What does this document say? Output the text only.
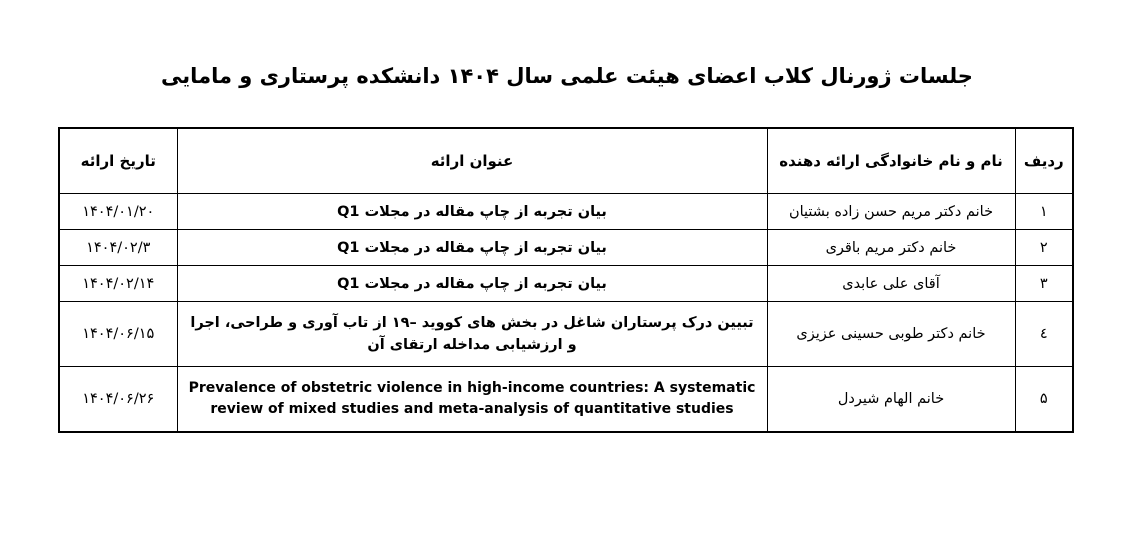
جلسات ژورنال کلاب اعضای هیئت علمی سال ۱۴۰۴ دانشکده پرستاری و مامایی
ردیف	نام و نام خانوادگی ارائه دهنده	عنوان ارائه	تاریخ ارائه
۱	خانم دکتر مریم حسن زاده بشتیان	بیان تجربه از چاپ مقاله در مجلات Q1	۱۴۰۴/۰۱/۲۰
۲	خانم دکتر مریم باقری	بیان تجربه از چاپ مقاله در مجلات Q1	۱۴۰۴/۰۲/۳
۳	آقای علی عابدی	بیان تجربه از چاپ مقاله در مجلات Q1	۱۴۰۴/۰۲/۱۴
٤	خانم دکتر طوبی حسینی عزیزی	تبیین درک پرستاران شاغل در بخش های کووید –۱۹ از تاب آوری و طراحی، اجرا و ارزشیابی مداخله ارتقای آن	۱۴۰۴/۰۶/۱۵
۵	خانم الهام شیردل	Prevalence of obstetric violence in high-income countries: A systematic review of mixed studies and meta-analysis of quantitative studies	۱۴۰۴/۰۶/۲۶
